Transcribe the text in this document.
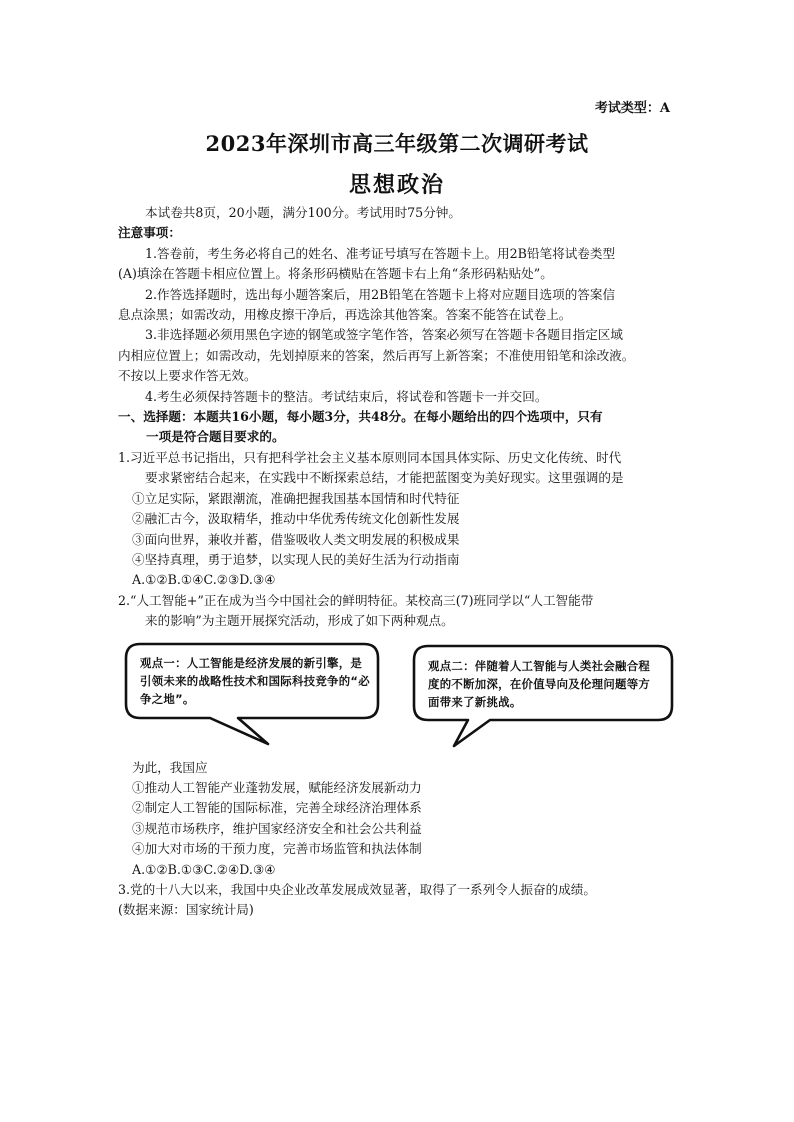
考试类型：A
2023年深圳市高三年级第二次调研考试
思想政治
本试卷共8页，20小题，满分100分。考试用时75分钟。
注意事项：
1.答卷前，考生务必将自己的姓名、准考证号填写在答题卡上。用2B铅笔将试卷类型
(A)填涂在答题卡相应位置上。将条形码横贴在答题卡右上角“条形码粘贴处”。
2.作答选择题时，选出每小题答案后，用2B铅笔在答题卡上将对应题目选项的答案信
息点涂黑；如需改动，用橡皮擦干净后，再选涂其他答案。答案不能答在试卷上。
3.非选择题必须用黑色字迹的钢笔或签字笔作答，答案必须写在答题卡各题目指定区域
内相应位置上；如需改动，先划掉原来的答案，然后再写上新答案；不准使用铅笔和涂改液。
不按以上要求作答无效。
4.考生必须保持答题卡的整洁。考试结束后，将试卷和答题卡一并交回。
一、选择题：本题共16小题，每小题3分，共48分。在每小题给出的四个选项中，只有
一项是符合题目要求的。
1.习近平总书记指出，只有把科学社会主义基本原则同本国具体实际、历史文化传统、时代
要求紧密结合起来，在实践中不断探索总结，才能把蓝图变为美好现实。这里强调的是
①立足实际，紧跟潮流，准确把握我国基本国情和时代特征
②融汇古今，汲取精华，推动中华优秀传统文化创新性发展
③面向世界，兼收并蓄，借鉴吸收人类文明发展的积极成果
④坚持真理，勇于追梦，以实现人民的美好生活为行动指南
A.①②B.①④C.②③D.③④
2.“人工智能+”正在成为当今中国社会的鲜明特征。某校高三(7)班同学以“人工智能带
来的影响”为主题开展探究活动，形成了如下两种观点。
观点一：人工智能是经济发展的新引擎，是引领未来的战略性技术和国际科技竞争的“必争之地”。
观点二：伴随着人工智能与人类社会融合程度的不断加深，在价值导向及伦理问题等方面带来了新挑战。
为此，我国应
①推动人工智能产业蓬勃发展，赋能经济发展新动力
②制定人工智能的国际标准，完善全球经济治理体系
③规范市场秩序，维护国家经济安全和社会公共利益
④加大对市场的干预力度，完善市场监管和执法体制
A.①②B.①③C.②④D.③④
3.党的十八大以来，我国中央企业改革发展成效显著，取得了一系列令人振奋的成绩。
(数据来源：国家统计局)
